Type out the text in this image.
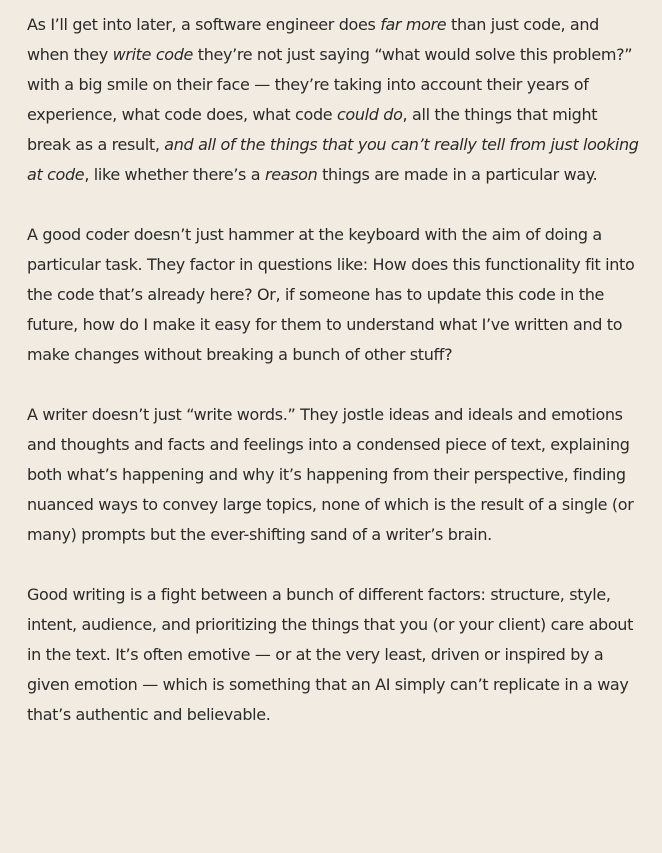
As I’ll get into later, a software engineer does far more than just code, and when they write code they’re not just saying “what would solve this problem?” with a big smile on their face — they’re taking into account their years of experience, what code does, what code could do, all the things that might break as a result, and all of the things that you can’t really tell from just looking at code, like whether there’s a reason things are made in a particular way.

A good coder doesn’t just hammer at the keyboard with the aim of doing a particular task. They factor in questions like: How does this functionality fit into the code that’s already here? Or, if someone has to update this code in the future, how do I make it easy for them to understand what I’ve written and to make changes without breaking a bunch of other stuff?

A writer doesn’t just “write words.” They jostle ideas and ideals and emotions and thoughts and facts and feelings into a condensed piece of text, explaining both what’s happening and why it’s happening from their perspective, finding nuanced ways to convey large topics, none of which is the result of a single (or many) prompts but the ever-shifting sand of a writer’s brain.

Good writing is a fight between a bunch of different factors: structure, style, intent, audience, and prioritizing the things that you (or your client) care about in the text. It’s often emotive — or at the very least, driven or inspired by a given emotion — which is something that an AI simply can’t replicate in a way that’s authentic and believable.
